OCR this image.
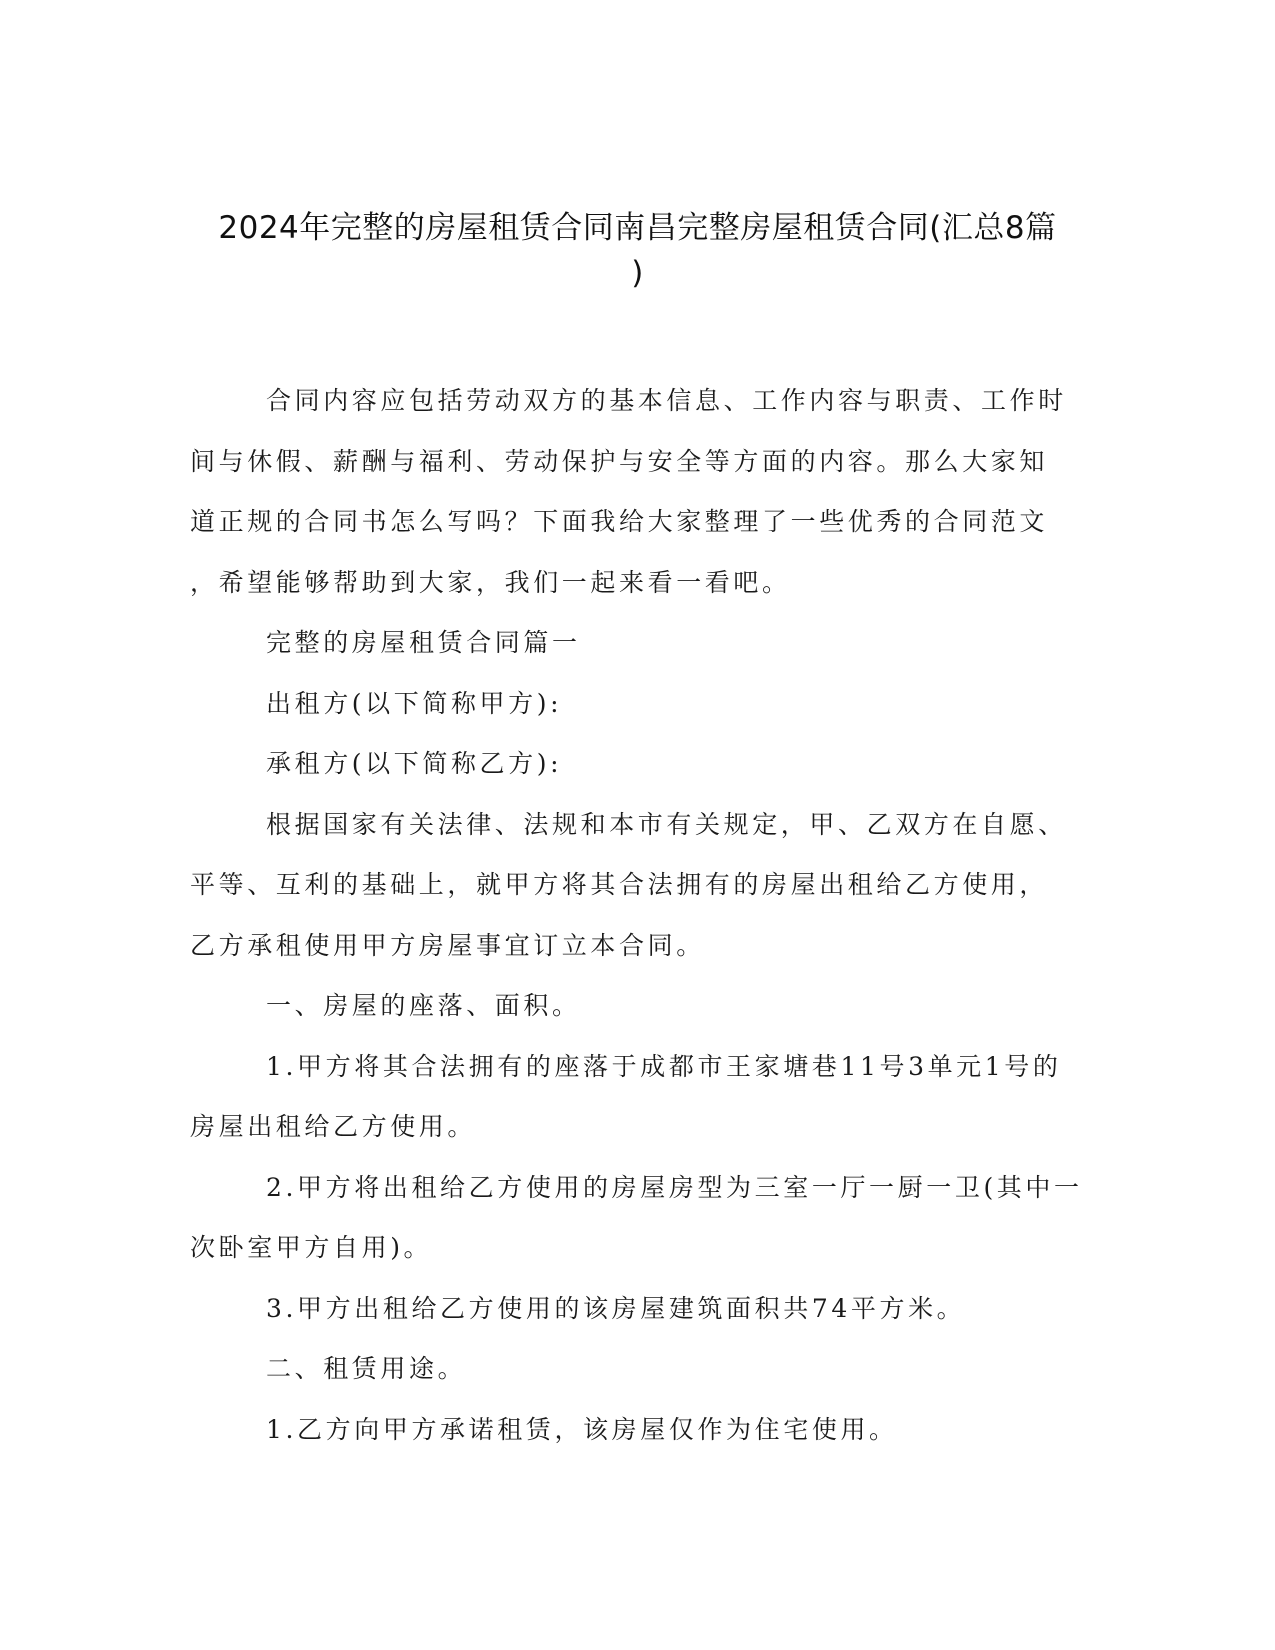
2024年完整的房屋租赁合同南昌完整房屋租赁合同(汇总8篇
)
合同内容应包括劳动双方的基本信息、工作内容与职责、工作时
间与休假、薪酬与福利、劳动保护与安全等方面的内容。那么大家知
道正规的合同书怎么写吗？下面我给大家整理了一些优秀的合同范文
，希望能够帮助到大家，我们一起来看一看吧。
完整的房屋租赁合同篇一
出租方(以下简称甲方):
承租方(以下简称乙方):
根据国家有关法律、法规和本市有关规定，甲、乙双方在自愿、
平等、互利的基础上，就甲方将其合法拥有的房屋出租给乙方使用，
乙方承租使用甲方房屋事宜订立本合同。
一、房屋的座落、面积。
1.甲方将其合法拥有的座落于成都市王家塘巷11号3单元1号的
房屋出租给乙方使用。
2.甲方将出租给乙方使用的房屋房型为三室一厅一厨一卫(其中一
次卧室甲方自用)。
3.甲方出租给乙方使用的该房屋建筑面积共74平方米。
二、租赁用途。
1.乙方向甲方承诺租赁，该房屋仅作为住宅使用。
